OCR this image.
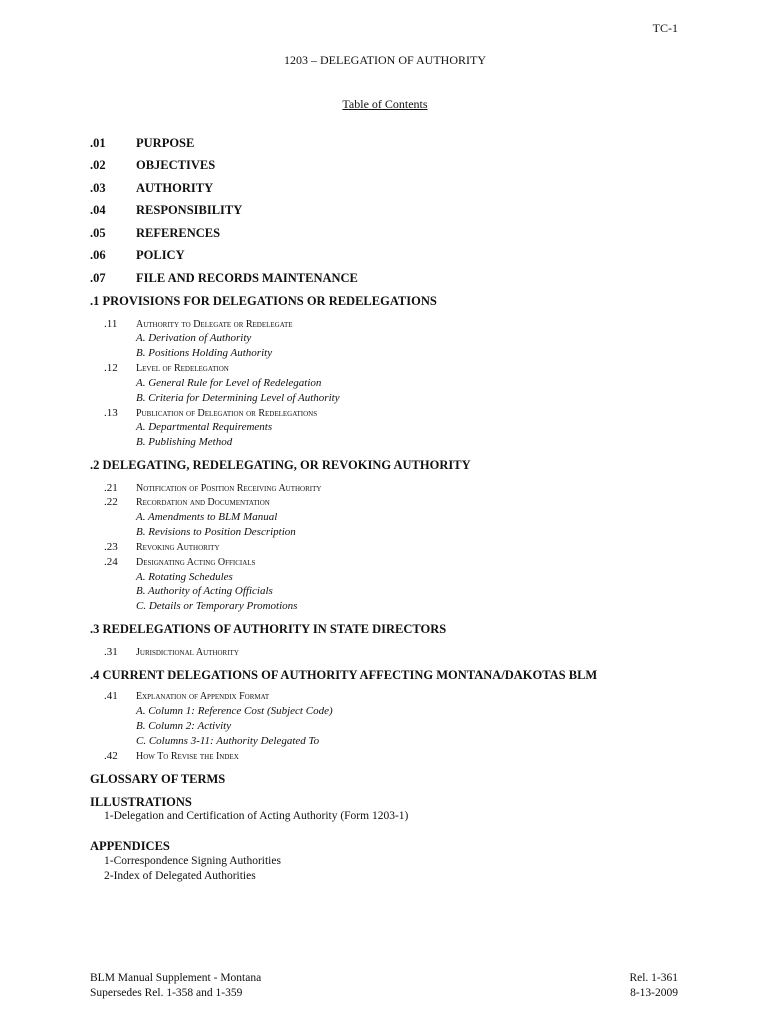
TC-1
1203 – DELEGATION OF AUTHORITY
Table of Contents
.01 PURPOSE
.02 OBJECTIVES
.03 AUTHORITY
.04 RESPONSIBILITY
.05 REFERENCES
.06 POLICY
.07 FILE AND RECORDS MAINTENANCE
.1 PROVISIONS FOR DELEGATIONS OR REDELEGATIONS
.11 Authority to Delegate or Redelegate
A. Derivation of Authority
B. Positions Holding Authority
.12 Level of Redelegation
A. General Rule for Level of Redelegation
B. Criteria for Determining Level of Authority
.13 Publication of Delegation or Redelegations
A. Departmental Requirements
B. Publishing Method
.2 DELEGATING, REDELEGATING, OR REVOKING AUTHORITY
.21 Notification of Position Receiving Authority
.22 Recordation and Documentation
A. Amendments to BLM Manual
B. Revisions to Position Description
.23 Revoking Authority
.24 Designating Acting Officials
A. Rotating Schedules
B. Authority of Acting Officials
C. Details or Temporary Promotions
.3 REDELEGATIONS OF AUTHORITY IN STATE DIRECTORS
.31 Jurisdictional Authority
.4 CURRENT DELEGATIONS OF AUTHORITY AFFECTING MONTANA/DAKOTAS BLM
.41 Explanation of Appendix Format
A. Column 1: Reference Cost (Subject Code)
B. Column 2: Activity
C. Columns 3-11: Authority Delegated To
.42 How To Revise the Index
GLOSSARY OF TERMS
ILLUSTRATIONS
1-Delegation and Certification of Acting Authority (Form 1203-1)
APPENDICES
1-Correspondence Signing Authorities
2-Index of Delegated Authorities
BLM Manual Supplement - Montana
Supersedes Rel. 1-358 and 1-359
Rel. 1-361
8-13-2009
